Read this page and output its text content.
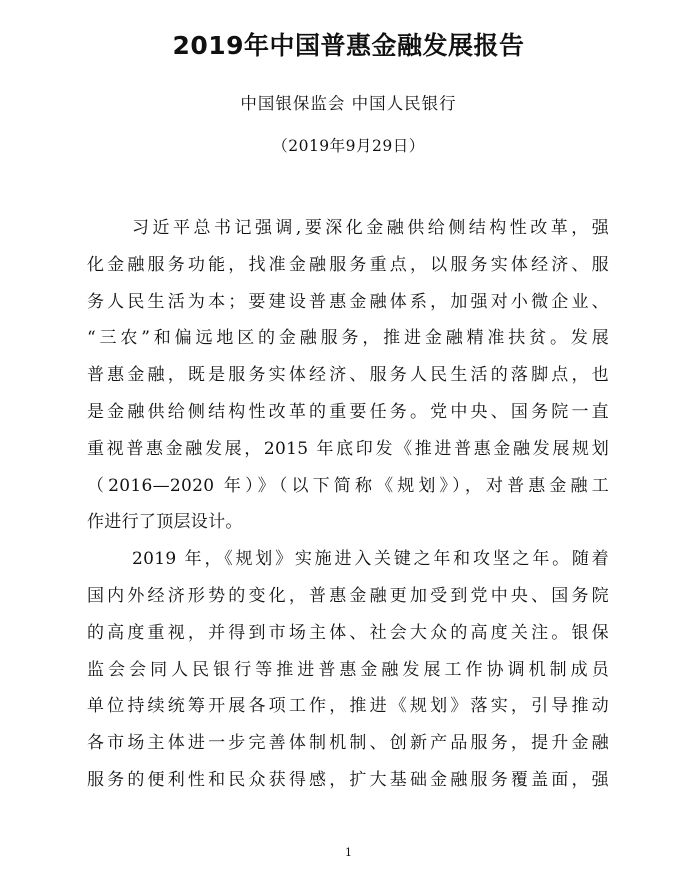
2019年中国普惠金融发展报告
中国银保监会 中国人民银行
（2019年9月29日）
习近平总书记强调,要深化金融供给侧结构性改革，强
化金融服务功能，找准金融服务重点，以服务实体经济、服
务人民生活为本；要建设普惠金融体系，加强对小微企业、
“三农”和偏远地区的金融服务，推进金融精准扶贫。发展
普惠金融，既是服务实体经济、服务人民生活的落脚点，也
是金融供给侧结构性改革的重要任务。党中央、国务院一直
重视普惠金融发展，2015 年底印发《推进普惠金融发展规划
（2016—2020 年）》（以下简称《规划》），对普惠金融工
作进行了顶层设计。
2019 年，《规划》实施进入关键之年和攻坚之年。随着
国内外经济形势的变化，普惠金融更加受到党中央、国务院
的高度重视，并得到市场主体、社会大众的高度关注。银保
监会会同人民银行等推进普惠金融发展工作协调机制成员
单位持续统筹开展各项工作，推进《规划》落实，引导推动
各市场主体进一步完善体制机制、创新产品服务，提升金融
服务的便利性和民众获得感，扩大基础金融服务覆盖面，强
1
